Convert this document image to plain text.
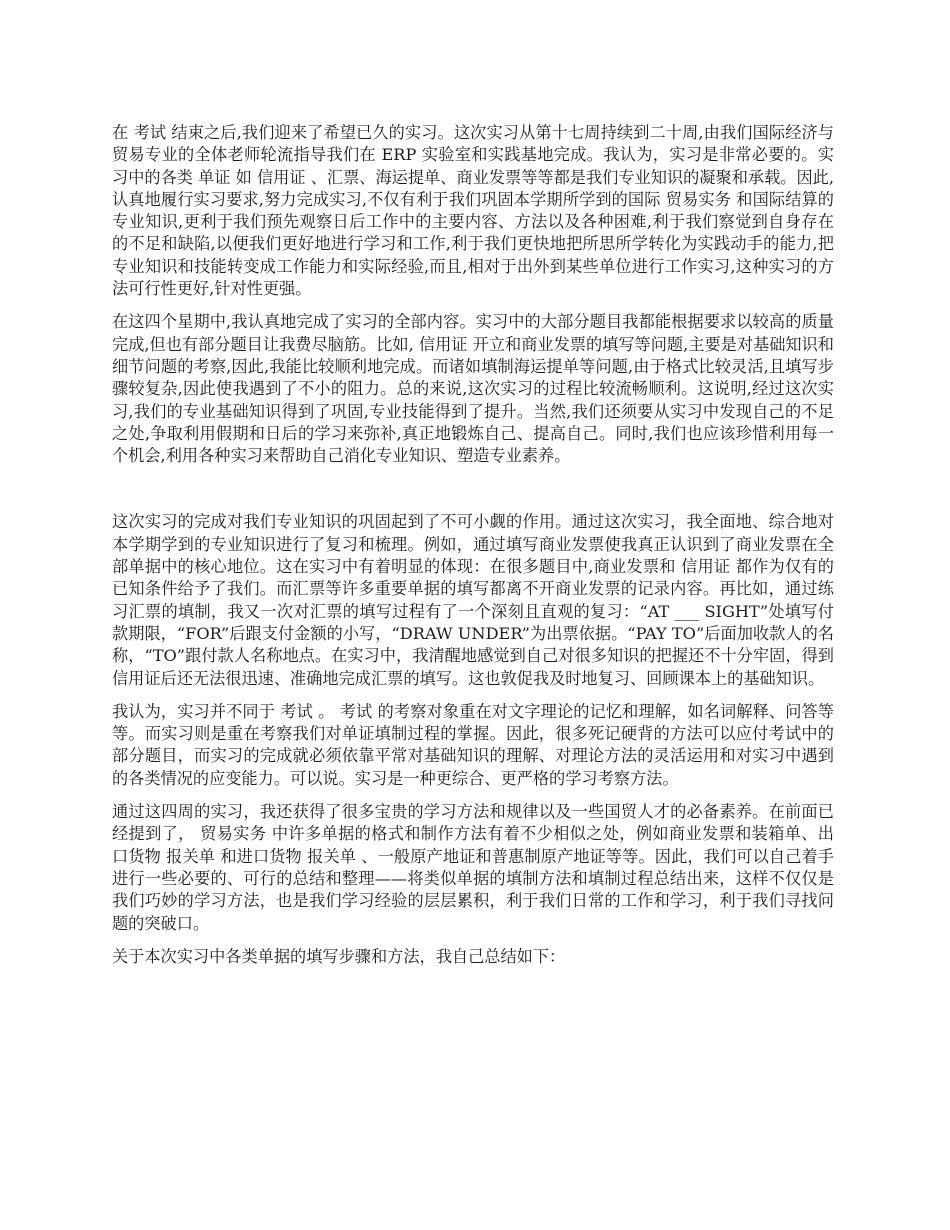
在 考试 结束之后,我们迎来了希望已久的实习。这次实习从第十七周持续到二十周,由我们国际经济与贸易专业的全体老师轮流指导我们在 ERP 实验室和实践基地完成。我认为，实习是非常必要的。实习中的各类 单证 如 信用证 、汇票、海运提单、商业发票等等都是我们专业知识的凝聚和承载。因此,认真地履行实习要求,努力完成实习,不仅有利于我们巩固本学期所学到的国际 贸易实务 和国际结算的专业知识,更利于我们预先观察日后工作中的主要内容、方法以及各种困难,利于我们察觉到自身存在的不足和缺陷,以便我们更好地进行学习和工作,利于我们更快地把所思所学转化为实践动手的能力,把专业知识和技能转变成工作能力和实际经验,而且,相对于出外到某些单位进行工作实习,这种实习的方法可行性更好,针对性更强。

在这四个星期中,我认真地完成了实习的全部内容。实习中的大部分题目我都能根据要求以较高的质量完成,但也有部分题目让我费尽脑筋。比如, 信用证 开立和商业发票的填写等问题,主要是对基础知识和细节问题的考察,因此,我能比较顺利地完成。而诸如填制海运提单等问题,由于格式比较灵活,且填写步骤较复杂,因此使我遇到了不小的阻力。总的来说,这次实习的过程比较流畅顺利。这说明,经过这次实习,我们的专业基础知识得到了巩固,专业技能得到了提升。当然,我们还须要从实习中发现自己的不足之处,争取利用假期和日后的学习来弥补,真正地锻炼自己、提高自己。同时,我们也应该珍惜利用每一个机会,利用各种实习来帮助自己消化专业知识、塑造专业素养。

这次实习的完成对我们专业知识的巩固起到了不可小觑的作用。通过这次实习，我全面地、综合地对本学期学到的专业知识进行了复习和梳理。例如，通过填写商业发票使我真正认识到了商业发票在全部单据中的核心地位。这在实习中有着明显的体现：在很多题目中,商业发票和 信用证 都作为仅有的已知条件给予了我们。而汇票等许多重要单据的填写都离不开商业发票的记录内容。再比如，通过练习汇票的填制，我又一次对汇票的填写过程有了一个深刻且直观的复习：“AT ___ SIGHT”处填写付款期限，“FOR”后跟支付金额的小写，“DRAW UNDER”为出票依据。“PAY TO”后面加收款人的名称，“TO”跟付款人名称地点。在实习中，我清醒地感觉到自己对很多知识的把握还不十分牢固，得到信用证后还无法很迅速、准确地完成汇票的填写。这也敦促我及时地复习、回顾课本上的基础知识。

我认为，实习并不同于 考试 。 考试 的考察对象重在对文字理论的记忆和理解，如名词解释、问答等等。而实习则是重在考察我们对单证填制过程的掌握。因此，很多死记硬背的方法可以应付考试中的部分题目，而实习的完成就必须依靠平常对基础知识的理解、对理论方法的灵活运用和对实习中遇到的各类情况的应变能力。可以说。实习是一种更综合、更严格的学习考察方法。

通过这四周的实习，我还获得了很多宝贵的学习方法和规律以及一些国贸人才的必备素养。在前面已经提到了， 贸易实务 中许多单据的格式和制作方法有着不少相似之处，例如商业发票和装箱单、出口货物 报关单 和进口货物 报关单 、一般原产地证和普惠制原产地证等等。因此，我们可以自己着手进行一些必要的、可行的总结和整理——将类似单据的填制方法和填制过程总结出来，这样不仅仅是我们巧妙的学习方法，也是我们学习经验的层层累积，利于我们日常的工作和学习，利于我们寻找问题的突破口。

关于本次实习中各类单据的填写步骤和方法，我自己总结如下：
